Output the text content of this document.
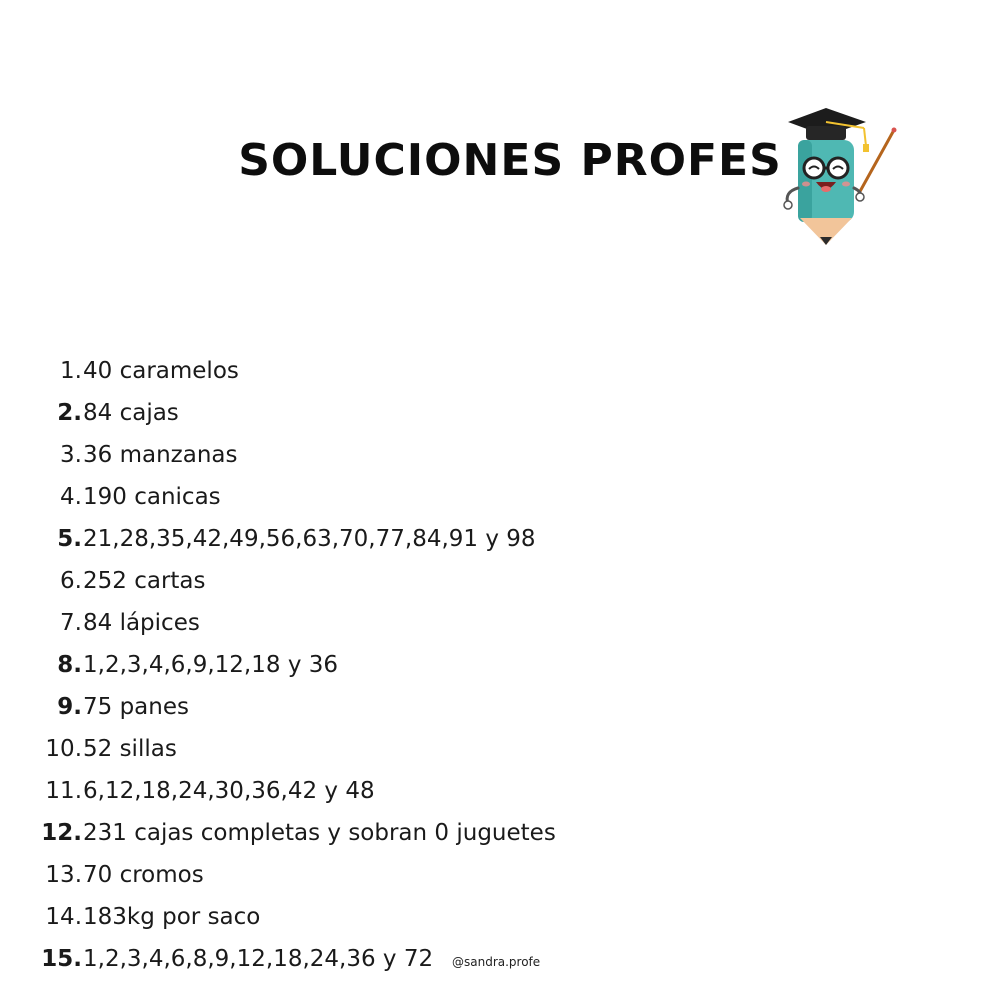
SOLUCIONES PROFES
1.40 caramelos
2.84 cajas
3.36 manzanas
4.190 canicas
5.21,28,35,42,49,56,63,70,77,84,91 y 98
6.252 cartas
7.84 lápices
8.1,2,3,4,6,9,12,18 y 36
9.75 panes
10.52 sillas
11.6,12,18,24,30,36,42 y 48
12.231 cajas completas y sobran 0 juguetes
13.70 cromos
14.183kg por saco
15.1,2,3,4,6,8,9,12,18,24,36 y 72	@sandra.profe
